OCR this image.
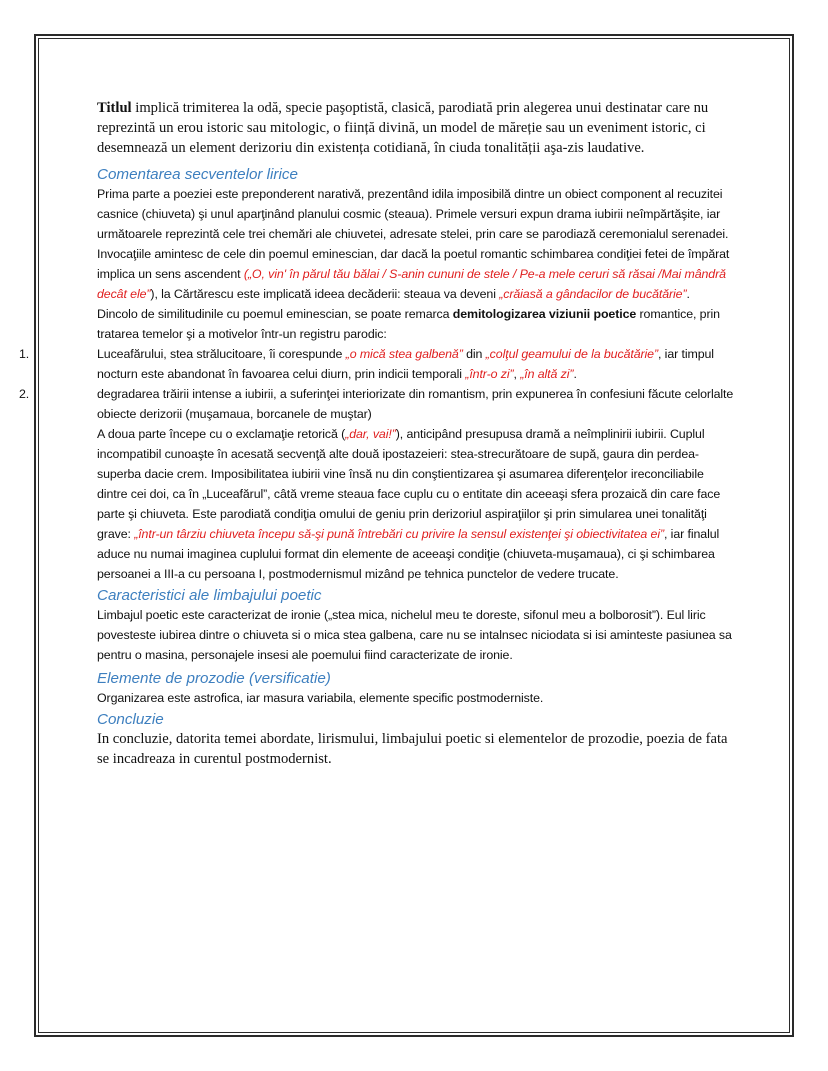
Titlul implică trimiterea la odă, specie paşoptistă, clasică, parodiată prin alegerea unui destinatar care nu reprezintă un erou istoric sau mitologic, o ființă divină, un model de măreție sau un eveniment istoric, ci desemnează un element derizoriu din existența cotidiană, în ciuda tonalității aşa-zis laudative.

Comentarea secventelor lirice

Prima parte a poeziei este preponderent narativă, prezentând idila imposibilă dintre un obiect component al recuzitei casnice (chiuveta) şi unul aparţinând planului cosmic (steaua). Primele versuri expun drama iubirii neîmpărtăşite, iar următoarele reprezintă cele trei chemări ale chiuvetei, adresate stelei, prin care se parodiază ceremonialul serenadei. Invocaţiile amintesc de cele din poemul eminescian, dar dacă la poetul romantic schimbarea condiţiei fetei de împărat implica un sens ascendent („O, vin' în părul tău bălai / S-anin cununi de stele / Pe-a mele ceruri să răsai /Mai mândră decât ele”), la Cărtărescu este implicată ideea decăderii: steaua va deveni „crăiasă a gândacilor de bucătărie”.

Dincolo de similitudinile cu poemul eminescian, se poate remarca demitologizarea viziunii poetice romantice, prin tratarea temelor şi a motivelor într-un registru parodic:

1.	Luceafărului, stea strălucitoare, îi corespunde „o mică stea galbenă” din „colţul geamului de la bucătărie”, iar timpul nocturn este abandonat în favoarea celui diurn, prin indicii temporali „într-o zi”, „în altă zi”.
2.	degradarea trăirii intense a iubirii, a suferinţei interiorizate din romantism, prin expunerea în confesiuni făcute celorlalte obiecte derizorii (muşamaua, borcanele de muştar)
A doua parte începe cu o exclamaţie retorică („dar, vai!”), anticipând presupusa dramă a neîmplinirii iubirii. Cuplul incompatibil cunoaşte în acesată secvenţă alte două ipostazeieri: stea-strecurătoare de supă, gaura din perdea-superba dacie crem. Imposibilitatea iubirii vine însă nu din conştientizarea şi asumarea diferenţelor ireconciliabile dintre cei doi, ca în „Luceafărul”, câtă vreme steaua face cuplu cu o entitate din aceeaşi sfera prozaică din care face parte şi chiuveta. Este parodiată condiţia omului de geniu prin derizoriul aspiraţiilor şi prin simularea unei tonalităţi grave: „într-un târziu chiuveta începu să-şi pună întrebări cu privire la sensul existenţei şi obiectivitatea ei”, iar finalul aduce nu numai imaginea cuplului format din elemente de aceeaşi condiţie (chiuveta-muşamaua), ci şi schimbarea persoanei a III-a cu persoana I, postmodernismul mizând pe tehnica punctelor de vedere trucate.
Caracteristici ale limbajului poetic

Limbajul poetic este caracterizat de ironie („stea mica, nichelul meu te doreste, sifonul meu a bolborosit”). Eul liric povesteste iubirea dintre o chiuveta si o mica stea galbena, care nu se intalnsec niciodata si isi aminteste pasiunea sa pentru o masina, personajele insesi ale poemului fiind caracterizate de ironie.

Elemente de prozodie (versificatie)

Organizarea este astrofica, iar masura variabila, elemente specific postmoderniste.

Concluzie

In concluzie, datorita temei abordate, lirismului, limbajului poetic si elementelor de prozodie, poezia de fata se incadreaza in curentul postmodernist.
